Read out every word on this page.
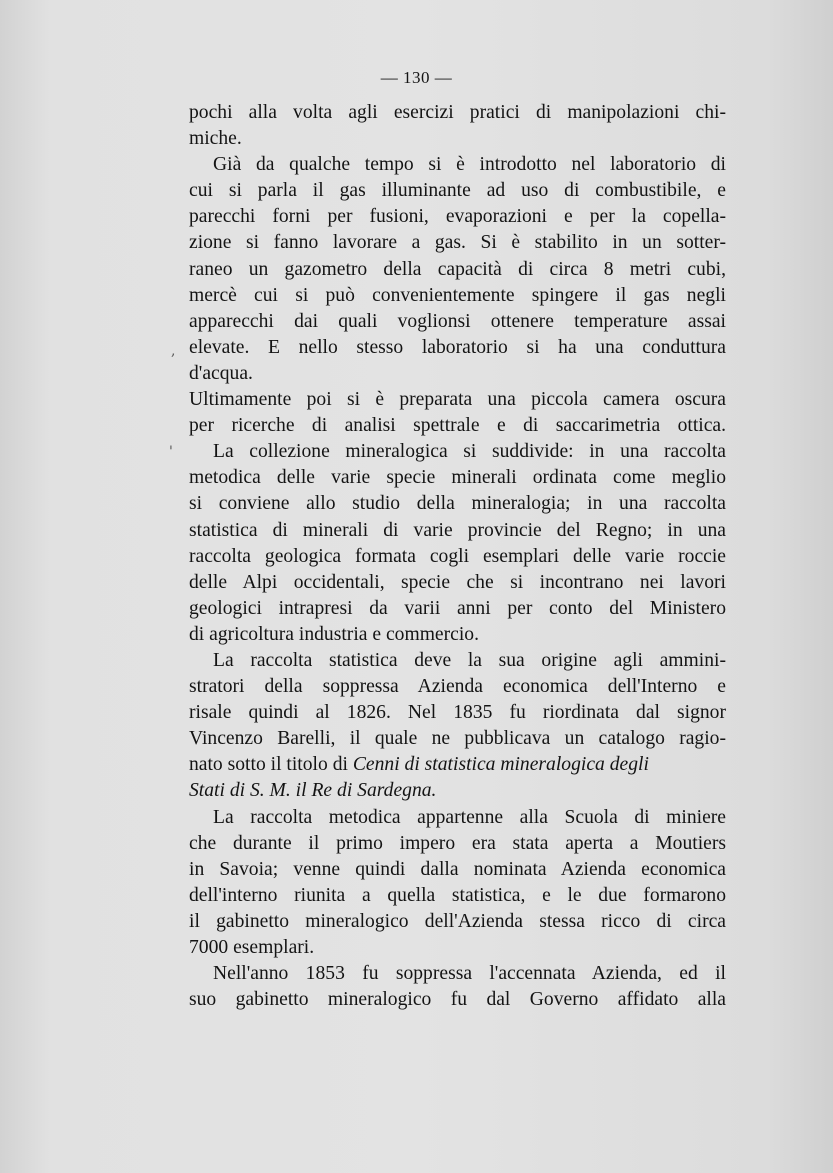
— 130 —
pochi alla volta agli esercizi pratici di manipolazioni chi-
miche.
Già da qualche tempo si è introdotto nel laboratorio di
cui si parla il gas illuminante ad uso di combustibile, e
parecchi forni per fusioni, evaporazioni e per la copella-
zione si fanno lavorare a gas. Si è stabilito in un sotter-
raneo un gazometro della capacità di circa 8 metri cubi,
mercè cui si può convenientemente spingere il gas negli
apparecchi dai quali voglionsi ottenere temperature assai
elevate. E nello stesso laboratorio si ha una conduttura
d'acqua.
Ultimamente poi si è preparata una piccola camera oscura
per ricerche di analisi spettrale e di saccarimetria ottica.
La collezione mineralogica si suddivide: in una raccolta
metodica delle varie specie minerali ordinata come meglio
si conviene allo studio della mineralogia; in una raccolta
statistica di minerali di varie provincie del Regno; in una
raccolta geologica formata cogli esemplari delle varie roccie
delle Alpi occidentali, specie che si incontrano nei lavori
geologici intrapresi da varii anni per conto del Ministero
di agricoltura industria e commercio.
La raccolta statistica deve la sua origine agli ammini-
stratori della soppressa Azienda economica dell'Interno e
risale quindi al 1826. Nel 1835 fu riordinata dal signor
Vincenzo Barelli, il quale ne pubblicava un catalogo ragio-
nato sotto il titolo di Cenni di statistica mineralogica degli
Stati di S. M. il Re di Sardegna.
La raccolta metodica appartenne alla Scuola di miniere
che durante il primo impero era stata aperta a Moutiers
in Savoia; venne quindi dalla nominata Azienda economica
dell'interno riunita a quella statistica, e le due formarono
il gabinetto mineralogico dell'Azienda stessa ricco di circa
7000 esemplari.
Nell'anno 1853 fu soppressa l'accennata Azienda, ed il
suo gabinetto mineralogico fu dal Governo affidato alla
,
'
